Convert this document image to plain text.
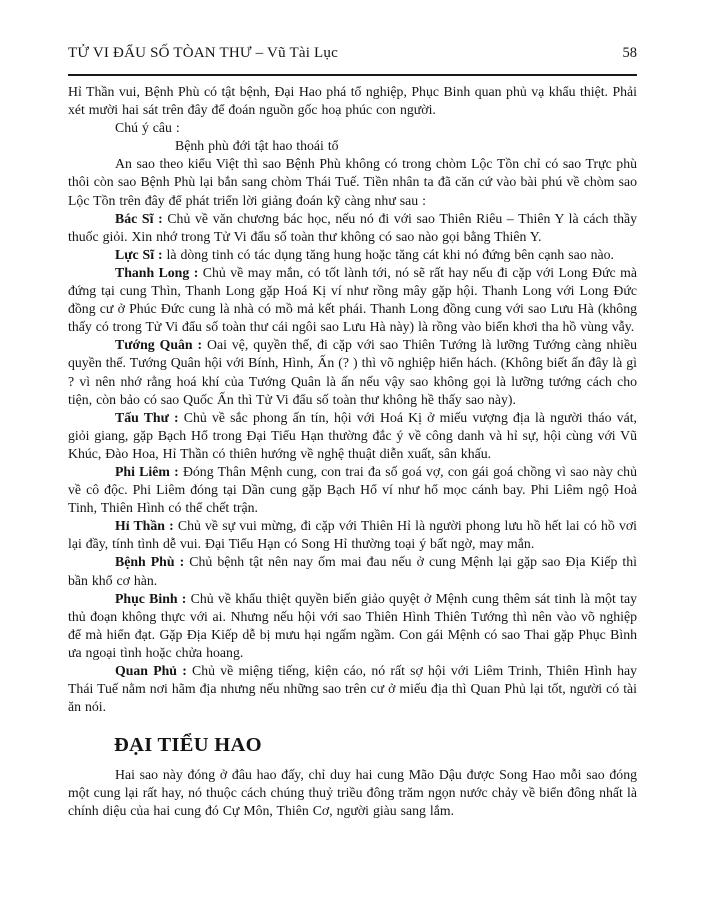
TỬ VI ĐẨU SỐ TÒAN THƯ – Vũ Tài Lục	58

Hỉ Thần vui, Bệnh Phù có tật bệnh, Đại Hao phá tổ nghiệp, Phục Binh quan phủ vạ khẩu thiệt. Phải xét mười hai sát trên đây để đoán nguồn gốc hoạ phúc con người.

Chú ý câu :

Bệnh phù đới tật hao thoái tổ

An sao theo kiểu Việt thì sao Bệnh Phù không có trong chòm Lộc Tồn chỉ có sao Trực phù thôi còn sao Bệnh Phù lại bắn sang chòm Thái Tuế. Tiền nhân ta đã căn cứ vào bài phú về chòm sao Lộc Tồn trên đây để phát triển lời giảng đoán kỹ càng như sau :

Bác Sĩ : Chủ về văn chương bác học, nếu nó đi với sao Thiên Riêu – Thiên Y là cách thầy thuốc giỏi. Xin nhớ trong Tử Vi đẩu số toàn thư không có sao nào gọi bằng Thiên Y.

Lực Sĩ : là dòng tinh có tác dụng tăng hung hoặc tăng cát khi nó đứng bên cạnh sao nào.

Thanh Long : Chủ về may mắn, có tốt lành tới, nó sẽ rất hay nếu đi cặp với Long Đức mà đứng tại cung Thìn, Thanh Long gặp Hoá Kị ví như rồng mây gặp hội. Thanh Long với Long Đức đồng cư ở Phúc Đức cung là nhà có mồ mả kết phái. Thanh Long đồng cung với sao Lưu Hà (không thấy có trong Tử Vi đẩu số toàn thư cái ngôi sao Lưu Hà này) là rồng vào biển khơi tha hồ vùng vẫy.

Tướng Quân : Oai vệ, quyền thế, đi cặp với sao Thiên Tướng là lưỡng Tướng càng nhiều quyền thế. Tướng Quân hội với Bính, Hình, Ấn (? ) thì võ nghiệp hiển hách. (Không biết ấn đây là gì ? vì nên nhớ rằng hoá khí của Tướng Quân là ấn nếu vậy sao không gọi là lưỡng tướng cách cho tiện, còn bảo có sao Quốc Ấn thì Tử Vi đẩu số toàn thư không hề thấy sao này).

Tấu Thư : Chủ về sắc phong ấn tín, hội với Hoá Kị ở miếu vượng địa là người tháo vát, giỏi giang, gặp Bạch Hổ trong Đại Tiểu Hạn thường đắc ý về công danh và hỉ sự, hội cùng với Vũ Khúc, Đào Hoa, Hỉ Thần có thiên hướng về nghệ thuật diễn xuất, sân khấu.

Phi Liêm : Đóng Thân Mệnh cung, con trai đa số goá vợ, con gái goá chồng vì sao này chủ về cô độc. Phi Liêm đóng tại Dần cung gặp Bạch Hổ ví như hổ mọc cánh bay. Phi Liêm ngộ Hoả Tinh, Thiên Hình có thể chết trận.

Hỉ Thần : Chủ về sự vui mừng, đi cặp với Thiên Hỉ là người phong lưu hồ hết lai có hồ vơi lại đầy, tính tình dễ vui. Đại Tiểu Hạn có Song Hỉ thường toại ý bất ngờ, may mắn.

Bệnh Phù : Chủ bệnh tật nên nay ốm mai đau nếu ở cung Mệnh lại gặp sao Địa Kiếp thì bần khổ cơ hàn.

Phục Binh : Chủ về khẩu thiệt quyền biến giảo quyệt ở Mệnh cung thêm sát tinh là một tay thủ đoạn không thực với ai. Nhưng nếu hội với sao Thiên Hình Thiên Tướng thì nên vào võ nghiệp để mà hiển đạt. Gặp Địa Kiếp dễ bị mưu hại ngấm ngầm. Con gái Mệnh có sao Thai gặp Phục Bình ưa ngoại tình hoặc chửa hoang.

Quan Phủ : Chủ về miệng tiếng, kiện cáo, nó rất sợ hội với Liêm Trinh, Thiên Hình hay Thái Tuế nằm nơi hãm địa nhưng nếu những sao trên cư ở miếu địa thì Quan Phủ lại tốt, người có tài ăn nói.

ĐẠI TIỂU HAO

Hai sao này đóng ở đâu hao đấy, chỉ duy hai cung Mão Dậu được Song Hao mỗi sao đóng một cung lại rất hay, nó thuộc cách chúng thuỷ triều đông trăm ngọn nước chảy về biển đông nhất là chính diệu của hai cung đó Cự Môn, Thiên Cơ, người giàu sang lắm.
